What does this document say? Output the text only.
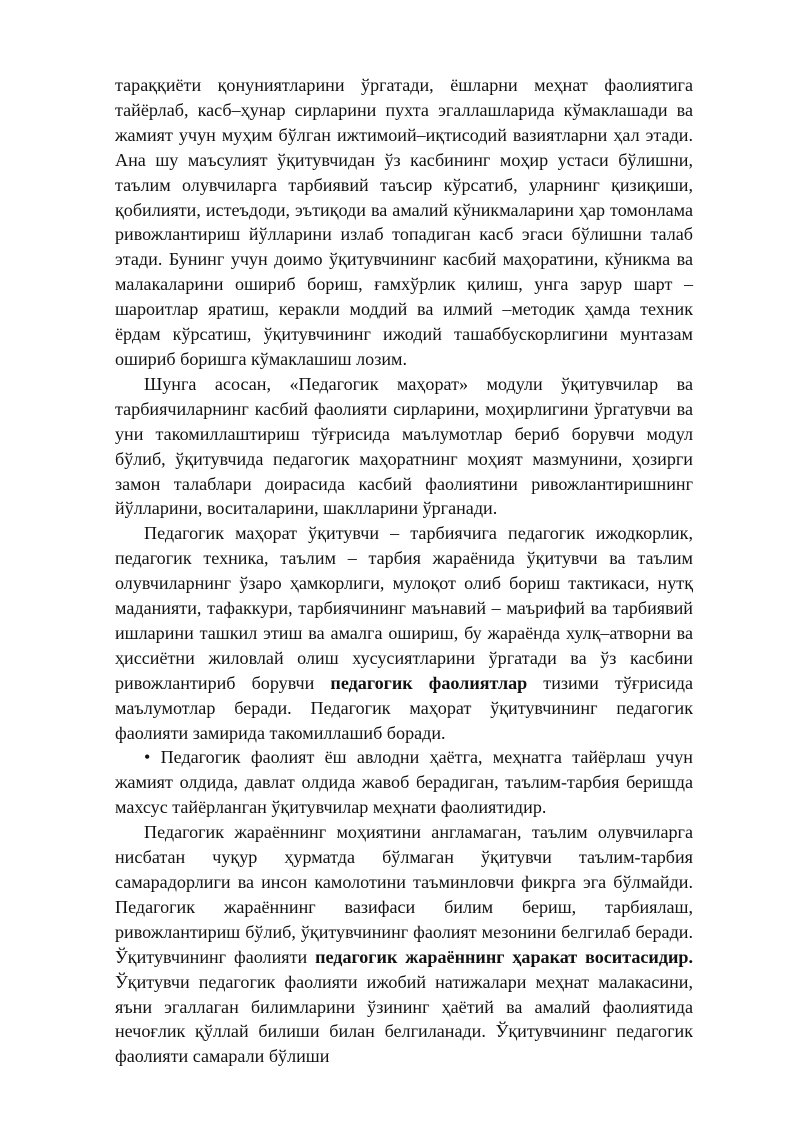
тараққиёти қонуниятларини ўргатади, ёшларни меҳнат фаолиятига тайёрлаб, касб–ҳунар сирларини пухта эгаллашларида кўмаклашади ва жамият учун муҳим бўлган ижтимоий–иқтисодий вазиятларни ҳал этади. Ана шу маъсулият ўқитувчидан ўз касбининг моҳир устаси бўлишни, таълим олувчиларга тарбиявий таъсир кўрсатиб, уларнинг қизиқиши, қобилияти, истеъдоди, эътиқоди ва амалий кўникмаларини ҳар томонлама ривожлантириш йўлларини излаб топадиган касб эгаси бўлишни талаб этади. Бунинг учун доимо ўқитувчининг касбий маҳоратини, кўникма ва малакаларини ошириб бориш, ғамхўрлик қилиш, унга зарур шарт – шароитлар яратиш, керакли моддий ва илмий –методик ҳамда техник ёрдам кўрсатиш, ўқитувчининг ижодий ташаббускорлигини мунтазам ошириб боришга кўмаклашиш лозим.

Шунга асосан, «Педагогик маҳорат» модули ўқитувчилар ва тарбиячиларнинг касбий фаолияти сирларини, моҳирлигини ўргатувчи ва уни такомиллаштириш тўғрисида маълумотлар бериб борувчи модул бўлиб, ўқитувчида педагогик маҳоратнинг моҳият мазмунини, ҳозирги замон талаблари доирасида касбий фаолиятини ривожлантиришнинг йўлларини, воситаларини, шаклларини ўрганади.

Педагогик маҳорат ўқитувчи – тарбиячига педагогик ижодкорлик, педагогик техника, таълим – тарбия жараёнида ўқитувчи ва таълим олувчиларнинг ўзаро ҳамкорлиги, мулоқот олиб бориш тактикаси, нутқ маданияти, тафаккури, тарбиячининг маънавий – маърифий ва тарбиявий ишларини ташкил этиш ва амалга ошириш, бу жараёнда хулқ–атворни ва ҳиссиётни жиловлай олиш хусусиятларини ўргатади ва ўз касбини ривожлантириб борувчи педагогик фаолиятлар тизими тўғрисида маълумотлар беради. Педагогик маҳорат ўқитувчининг педагогик фаолияти замирида такомиллашиб боради.

• Педагогик фаолият ёш авлодни ҳаётга, меҳнатга тайёрлаш учун жамият олдида, давлат олдида жавоб берадиган, таълим-тарбия беришда махсус тайёрланган ўқитувчилар меҳнати фаолиятидир.

Педагогик жараённинг моҳиятини англамаган, таълим олувчиларга нисбатан чуқур ҳурматда бўлмаган ўқитувчи таълим-тарбия самарадорлиги ва инсон камолотини таъминловчи фикрга эга бўлмайди. Педагогик жараённинг вазифаси билим бериш, тарбиялаш, ривожлантириш бўлиб, ўқитувчининг фаолият мезонини белгилаб беради. Ўқитувчининг фаолияти педагогик жараённинг ҳаракат воситасидир. Ўқитувчи педагогик фаолияти ижобий натижалари меҳнат малакасини, яъни эгаллаган билимларини ўзининг ҳаётий ва амалий фаолиятида нечоғлик қўллай билиши билан белгиланади. Ўқитувчининг педагогик фаолияти самарали бўлиши
